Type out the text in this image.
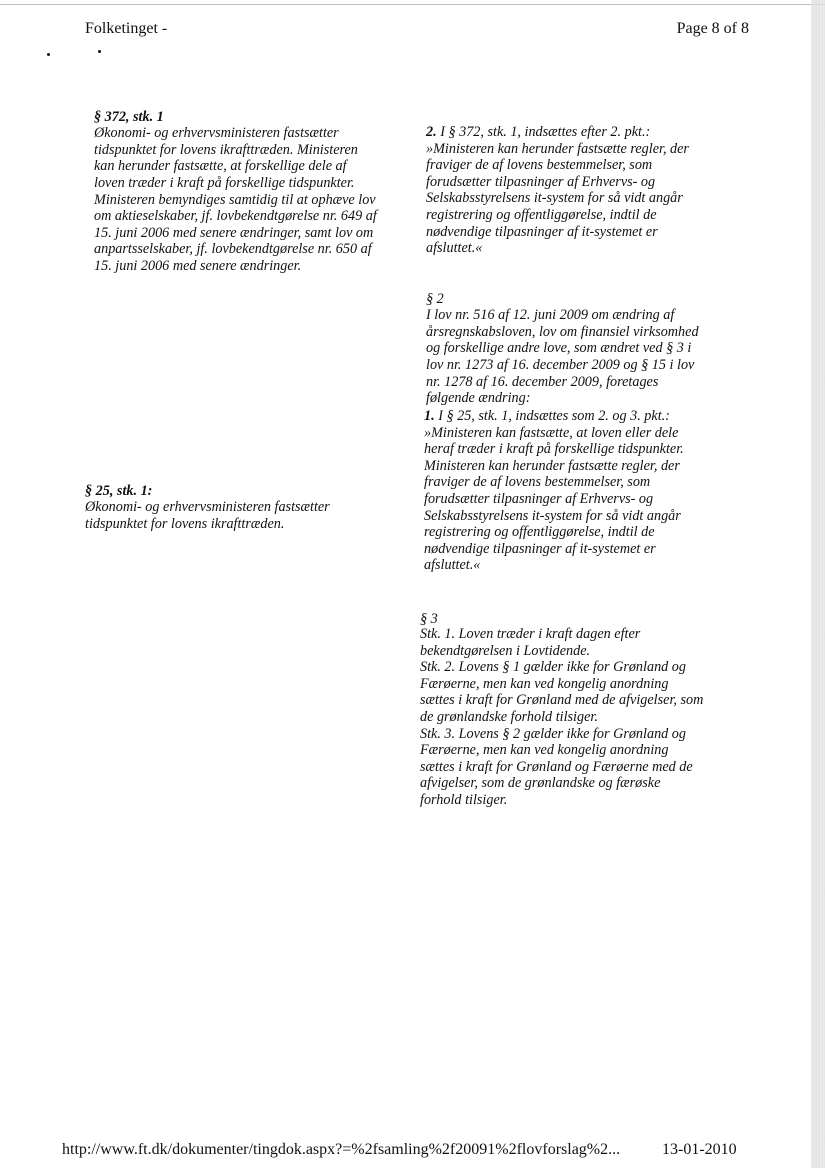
Folketinget -	Page 8 of 8

§ 372, stk. 1
Økonomi- og erhvervsministeren fastsætter
tidspunktet for lovens ikrafttræden. Ministeren
kan herunder fastsætte, at forskellige dele af
loven træder i kraft på forskellige tidspunkter.
Ministeren bemyndiges samtidig til at ophæve lov
om aktieselskaber, jf. lovbekendtgørelse nr. 649 af
15. juni 2006 med senere ændringer, samt lov om
anpartsselskaber, jf. lovbekendtgørelse nr. 650 af
15. juni 2006 med senere ændringer.

§ 25, stk. 1:
Økonomi- og erhvervsministeren fastsætter
tidspunktet for lovens ikrafttræden.

2. I § 372, stk. 1, indsættes efter 2. pkt.:
»Ministeren kan herunder fastsætte regler, der
fraviger de af lovens bestemmelser, som
forudsætter tilpasninger af Erhvervs- og
Selskabsstyrelsens it-system for så vidt angår
registrering og offentliggørelse, indtil de
nødvendige tilpasninger af it-systemet er
afsluttet.«

§ 2
I lov nr. 516 af 12. juni 2009 om ændring af
årsregnskabsloven, lov om finansiel virksomhed
og forskellige andre love, som ændret ved § 3 i
lov nr. 1273 af 16. december 2009 og § 15 i lov
nr. 1278 af 16. december 2009, foretages
følgende ændring:

1. I § 25, stk. 1, indsættes som 2. og 3. pkt.:
»Ministeren kan fastsætte, at loven eller dele
heraf træder i kraft på forskellige tidspunkter.
Ministeren kan herunder fastsætte regler, der
fraviger de af lovens bestemmelser, som
forudsætter tilpasninger af Erhvervs- og
Selskabsstyrelsens it-system for så vidt angår
registrering og offentliggørelse, indtil de
nødvendige tilpasninger af it-systemet er
afsluttet.«

§ 3

Stk. 1. Loven træder i kraft dagen efter
bekendtgørelsen i Lovtidende.
Stk. 2. Lovens § 1 gælder ikke for Grønland og
Færøerne, men kan ved kongelig anordning
sættes i kraft for Grønland med de afvigelser, som
de grønlandske forhold tilsiger.
Stk. 3. Lovens § 2 gælder ikke for Grønland og
Færøerne, men kan ved kongelig anordning
sættes i kraft for Grønland og Færøerne med de
afvigelser, som de grønlandske og færøske
forhold tilsiger.
http://www.ft.dk/dokumenter/tingdok.aspx?=%2fsamling%2f20091%2flovforslag%2...	13-01-2010
